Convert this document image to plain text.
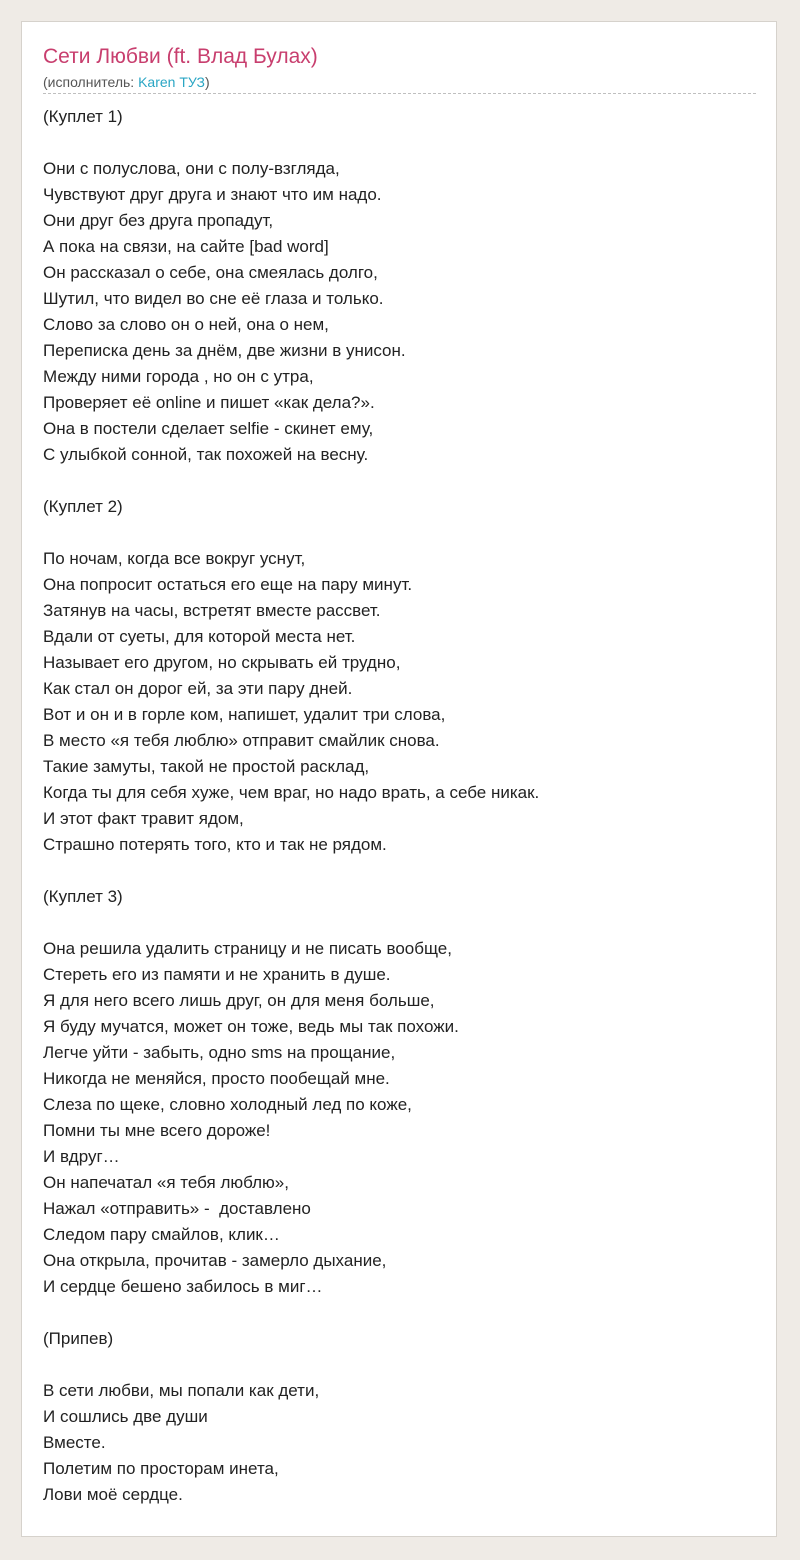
Сети Любви (ft. Влад Булах)
(исполнитель: Karen ТУЗ)
(Куплет 1)
Они с полуслова, они с полу-взгляда,
Чувствуют друг друга и знают что им надо.
Они друг без друга пропадут,
А пока на связи, на сайте [bad word]
Он рассказал о себе, она смеялась долго,
Шутил, что видел во сне её глаза и только.
Слово за слово он о ней, она о нем,
Переписка день за днём, две жизни в унисон.
Между ними города , но он с утра,
Проверяет её online и пишет «как дела?».
Она в постели сделает selfie - скинет ему,
С улыбкой сонной, так похожей на весну.
(Куплет 2)
По ночам, когда все вокруг уснут,
Она попросит остаться его еще на пару минут.
Затянув на часы, встретят вместе рассвет.
Вдали от суеты, для которой места нет.
Называет его другом, но скрывать ей трудно,
Как стал он дорог ей, за эти пару дней.
Вот и он и в горле ком, напишет, удалит три слова,
В место «я тебя люблю» отправит смайлик снова.
Такие замуты, такой не простой расклад,
Когда ты для себя хуже, чем враг, но надо врать, а себе никак.
И этот факт травит ядом,
Страшно потерять того, кто и так не рядом.
(Куплет 3)
Она решила удалить страницу и не писать вообще,
Стереть его из памяти и не хранить в душе.
Я для него всего лишь друг, он для меня больше,
Я буду мучатся, может он тоже, ведь мы так похожи.
Легче уйти - забыть, одно sms на прощание,
Никогда не меняйся, просто пообещай мне.
Слеза по щеке, словно холодный лед по коже,
Помни ты мне всего дороже!
И вдруг…
Он напечатал «я тебя люблю»,
Нажал «отправить» -  доставлено
Следом пару смайлов, клик…
Она открыла, прочитав - замерло дыхание,
И сердце бешено забилось в миг…
(Припев)
В сети любви, мы попали как дети,
И сошлись две души
Вместе.
Полетим по просторам инета,
Лови моё сердце.
